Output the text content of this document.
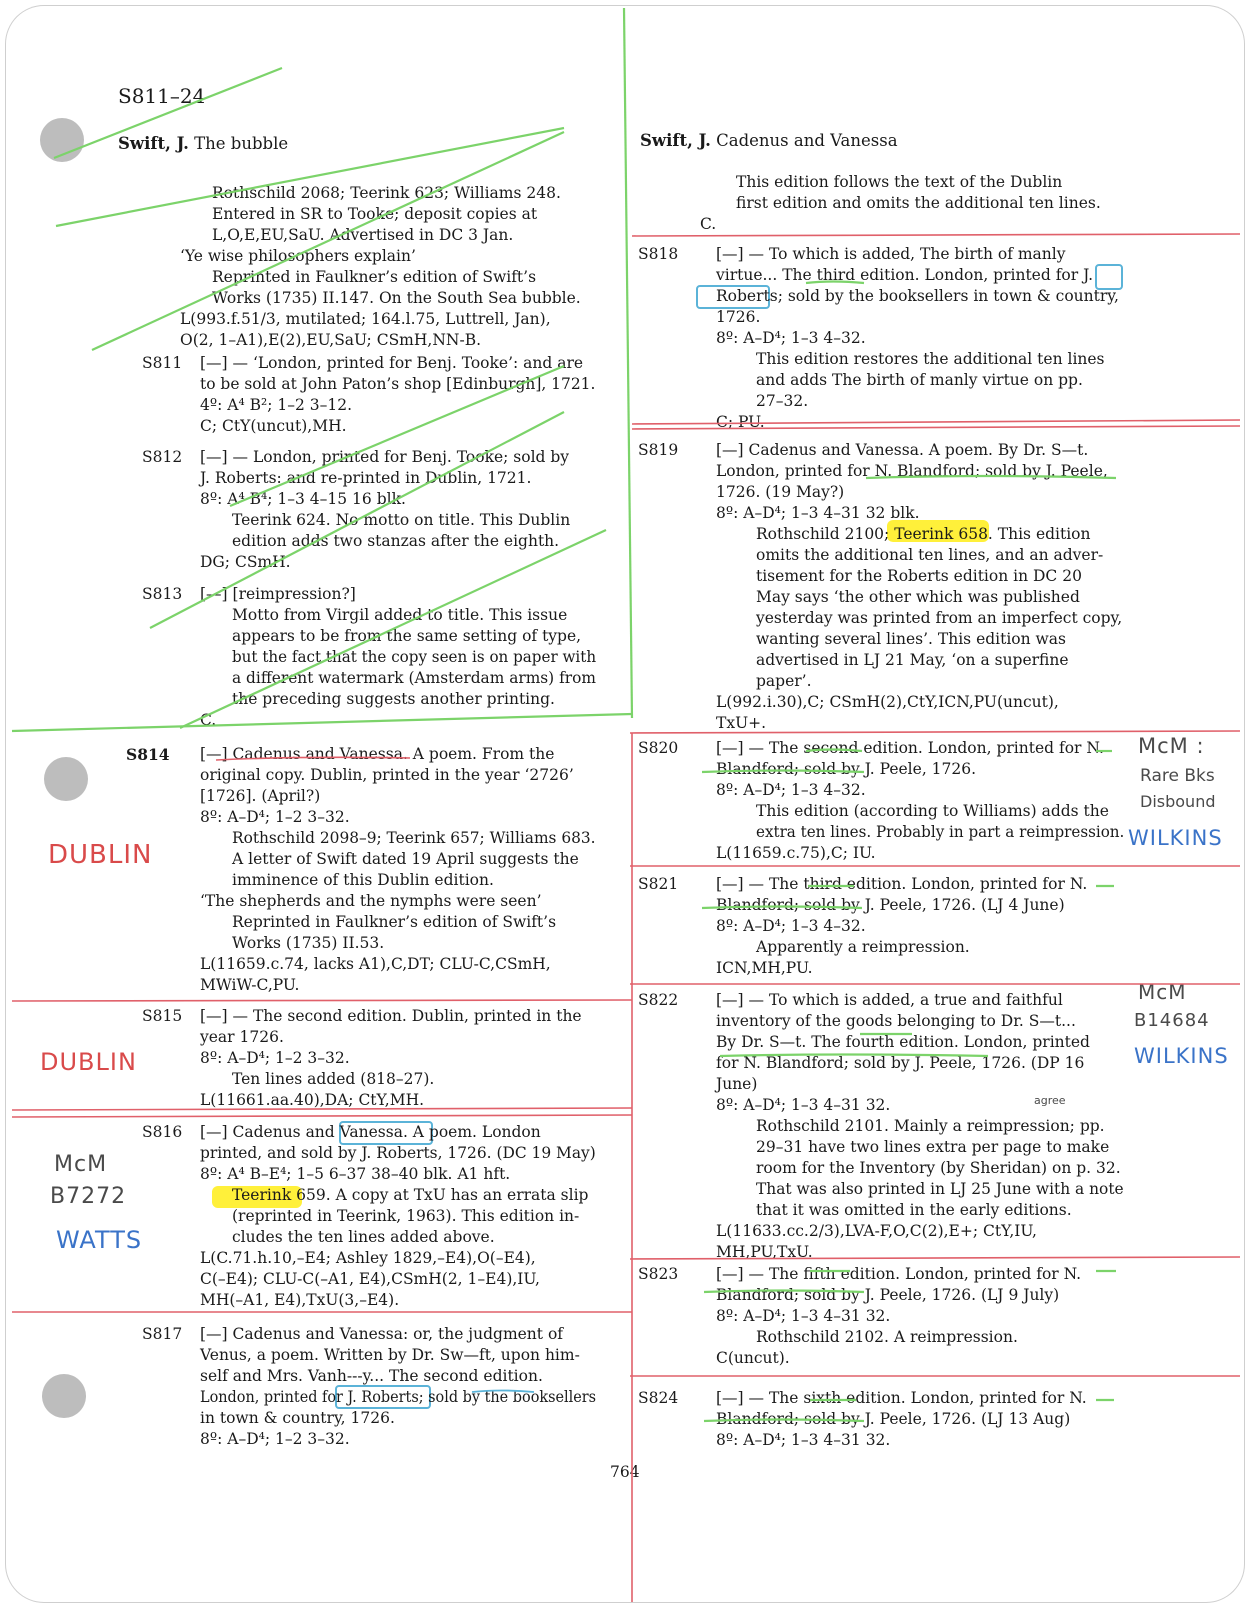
S811–24
Swift, J. The bubble	Swift, J. Cadenus and Vanessa
Rothschild 2068; Teerink 623; Williams 248.
Entered in SR to Tooke; deposit copies at
L,O,E,EU,SaU. Advertised in DC 3 Jan.
‘Ye wise philosophers explain’
Reprinted in Faulkner’s edition of Swift’s
Works (1735) II.147. On the South Sea bubble.
L(993.f.51/3, mutilated; 164.l.75, Luttrell, Jan),
O(2, 1–A1),E(2),EU,SaU; CSmH,NN-B.
S811 [—] — ‘London, printed for Benj. Tooke’: and are
to be sold at John Paton’s shop [Edinburgh], 1721.
4º: A⁴ B²; 1–2 3–12.
C; CtY(uncut),MH.
S812 [—] — London, printed for Benj. Tooke; sold by
J. Roberts: and re-printed in Dublin, 1721.
8º: A⁴ B⁴; 1–3 4–15 16 blk.
Teerink 624. No motto on title. This Dublin
edition adds two stanzas after the eighth.
DG; CSmH.
S813 [—] [reimpression?]
Motto from Virgil added to title. This issue
appears to be from the same setting of type,
but the fact that the copy seen is on paper with
a different watermark (Amsterdam arms) from
the preceding suggests another printing.
C.
S814 [—] Cadenus and Vanessa. A poem. From the
original copy. Dublin, printed in the year ‘2726’
[1726]. (April?)
8º: A–D⁴; 1–2 3–32.
Rothschild 2098–9; Teerink 657; Williams 683.
A letter of Swift dated 19 April suggests the
imminence of this Dublin edition.
‘The shepherds and the nymphs were seen’
Reprinted in Faulkner’s edition of Swift’s
Works (1735) II.53.
L(11659.c.74, lacks A1),C,DT; CLU-C,CSmH,
MWiW-C,PU.
S815 [—] — The second edition. Dublin, printed in the
year 1726.
8º: A–D⁴; 1–2 3–32.
Ten lines added (818–27).
L(11661.aa.40),DA; CtY,MH.
S816 [—] Cadenus and Vanessa. A poem. London
printed, and sold by J. Roberts, 1726. (DC 19 May)
8º: A⁴ B–E⁴; 1–5 6–37 38–40 blk. A1 hft.
Teerink 659. A copy at TxU has an errata slip
(reprinted in Teerink, 1963). This edition in-
cludes the ten lines added above.
L(C.71.h.10,–E4; Ashley 1829,–E4),O(–E4),
C(–E4); CLU-C(–A1, E4),CSmH(2, 1–E4),IU,
MH(–A1, E4),TxU(3,–E4).
S817 [—] Cadenus and Vanessa: or, the judgment of
Venus, a poem. Written by Dr. Sw—ft, upon him-
self and Mrs. Vanh---y... The second edition.
London, printed for J. Roberts; sold by the booksellers
in town & country, 1726.
8º: A–D⁴; 1–2 3–32.
This edition follows the text of the Dublin
first edition and omits the additional ten lines.
C.
S818 [—] — To which is added, The birth of manly
virtue... The third edition. London, printed for J.
Roberts; sold by the booksellers in town & country,
1726.
8º: A–D⁴; 1–3 4–32.
This edition restores the additional ten lines
and adds The birth of manly virtue on pp.
27–32.
C; PU.
S819 [—] Cadenus and Vanessa. A poem. By Dr. S—t.
London, printed for N. Blandford; sold by J. Peele,
1726. (19 May?)
8º: A–D⁴; 1–3 4–31 32 blk.
Rothschild 2100; Teerink 658. This edition
omits the additional ten lines, and an adver-
tisement for the Roberts edition in DC 20
May says ‘the other which was published
yesterday was printed from an imperfect copy,
wanting several lines’. This edition was
advertised in LJ 21 May, ‘on a superfine
paper’.
L(992.i.30),C; CSmH(2),CtY,ICN,PU(uncut),
TxU+.
S820 [—] — The second edition. London, printed for N.
Blandford; sold by J. Peele, 1726.
8º: A–D⁴; 1–3 4–32.
This edition (according to Williams) adds the
extra ten lines. Probably in part a reimpression.
L(11659.c.75),C; IU.
S821 [—] — The third edition. London, printed for N.
Blandford; sold by J. Peele, 1726. (LJ 4 June)
8º: A–D⁴; 1–3 4–32.
Apparently a reimpression.
ICN,MH,PU.
S822 [—] — To which is added, a true and faithful
inventory of the goods belonging to Dr. S—t...
By Dr. S—t. The fourth edition. London, printed
for N. Blandford; sold by J. Peele, 1726. (DP 16
June)
8º: A–D⁴; 1–3 4–31 32.
Rothschild 2101. Mainly a reimpression; pp.
29–31 have two lines extra per page to make
room for the Inventory (by Sheridan) on p. 32.
That was also printed in LJ 25 June with a note
that it was omitted in the early editions.
L(11633.cc.2/3),LVA-F,O,C(2),E+; CtY,IU,
MH,PU,TxU.
S823 [—] — The fifth edition. London, printed for N.
Blandford; sold by J. Peele, 1726. (LJ 9 July)
8º: A–D⁴; 1–3 4–31 32.
Rothschild 2102. A reimpression.
C(uncut).
S824 [—] — The sixth edition. London, printed for N.
Blandford; sold by J. Peele, 1726. (LJ 13 Aug)
8º: A–D⁴; 1–3 4–31 32.
DUBLIN
DUBLIN
McM
B7272
WATTS
McM :
Rare Bks
Disbound
WILKINS
McM
B14684
WILKINS
agree
764
